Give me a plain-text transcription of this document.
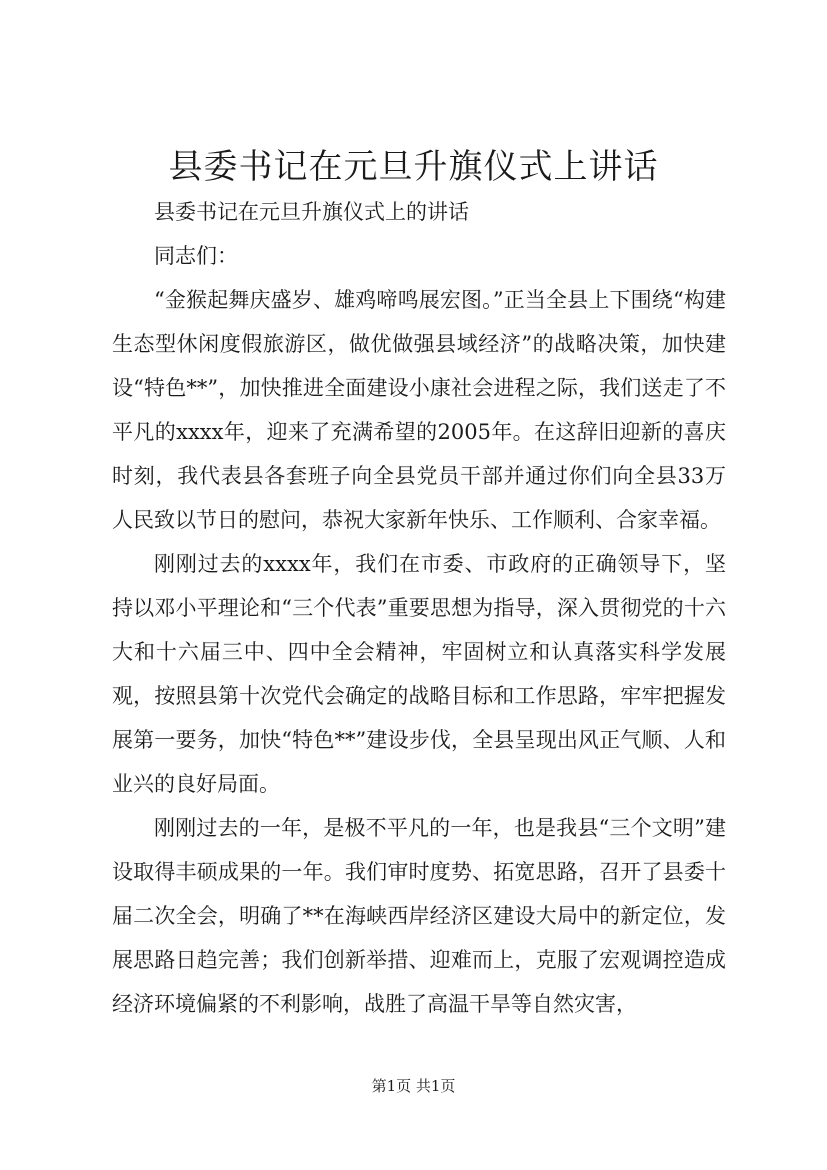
县委书记在元旦升旗仪式上讲话

县委书记在元旦升旗仪式上的讲话

同志们：

“金猴起舞庆盛岁、雄鸡啼鸣展宏图。”正当全县上下围绕“构建生态型休闲度假旅游区，做优做强县域经济”的战略决策，加快建设“特色**”，加快推进全面建设小康社会进程之际，我们送走了不平凡的xxxx年，迎来了充满希望的2005年。在这辞旧迎新的喜庆时刻，我代表县各套班子向全县党员干部并通过你们向全县33万人民致以节日的慰问，恭祝大家新年快乐、工作顺利、合家幸福。

刚刚过去的xxxx年，我们在市委、市政府的正确领导下，坚持以邓小平理论和“三个代表”重要思想为指导，深入贯彻党的十六大和十六届三中、四中全会精神，牢固树立和认真落实科学发展观，按照县第十次党代会确定的战略目标和工作思路，牢牢把握发展第一要务，加快“特色**”建设步伐，全县呈现出风正气顺、人和业兴的良好局面。

刚刚过去的一年，是极不平凡的一年，也是我县“三个文明”建设取得丰硕成果的一年。我们审时度势、拓宽思路，召开了县委十届二次全会，明确了**在海峡西岸经济区建设大局中的新定位，发展思路日趋完善；我们创新举措、迎难而上，克服了宏观调控造成经济环境偏紧的不利影响，战胜了高温干旱等自然灾害，

第1页 共1页
